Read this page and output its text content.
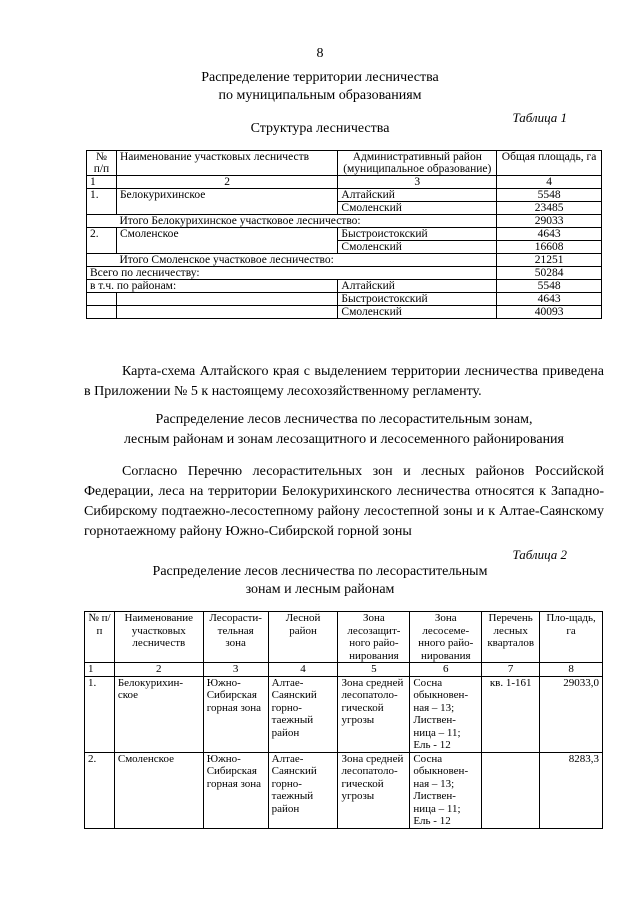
8
Распределение территории лесничества
по муниципальным образованиям
Таблица 1
Структура лесничества
№ п/п	Наименование участковых лесничеств	Административный район (муниципальное образование)	Общая площадь, га
1	2	3	4
1.	Белокурихинское	Алтайский	5548
		Смоленский	23485
	Итого Белокурихинское участковое лесничество:		29033
2.	Смоленское	Быстроистокский	4643
		Смоленский	16608
	Итого Смоленское участковое лесничество:		21251
Всего по лесничеству:			50284
в т.ч. по районам:		Алтайский	5548
		Быстроистокский	4643
		Смоленский	40093
Карта-схема Алтайского края с выделением территории лесничества приведена в Приложении № 5 к настоящему лесохозяйственному регламенту.
Распределение лесов лесничества по лесорастительным зонам,
лесным районам и зонам лесозащитного и лесосеменного районирования
Согласно Перечню лесорастительных зон и лесных районов Российской Федерации, леса на территории Белокурихинского лесничества относятся к Западно-Сибирскому подтаежно-лесостепному району лесостепной зоны и к Алтае-Саянскому горнотаежному району Южно-Сибирской горной зоны
Таблица 2
Распределение лесов лесничества по лесорастительным
зонам и лесным районам
№ п/п	Наименование участковых лесничеств	Лесорасти-тельная зона	Лесной район	Зона лесозащит-ного райо-нирования	Зона лесосеме-нного райо-нирования	Перечень лесных кварталов	Пло-щадь, га
1	2	3	4	5	6	7	8
1.	Белокурихин-ское	Южно-Сибирская горная зона	Алтае-Саянский горно-таежный район	Зона средней лесопатоло-гической угрозы	Сосна обыкновен-ная – 13; Листвен-ница – 11; Ель - 12	кв. 1-161	29033,0
2.	Смоленское	Южно-Сибирская горная зона	Алтае-Саянский горно-таежный район	Зона средней лесопатоло-гической угрозы	Сосна обыкновен-ная – 13; Листвен-ница – 11; Ель - 12		8283,3
